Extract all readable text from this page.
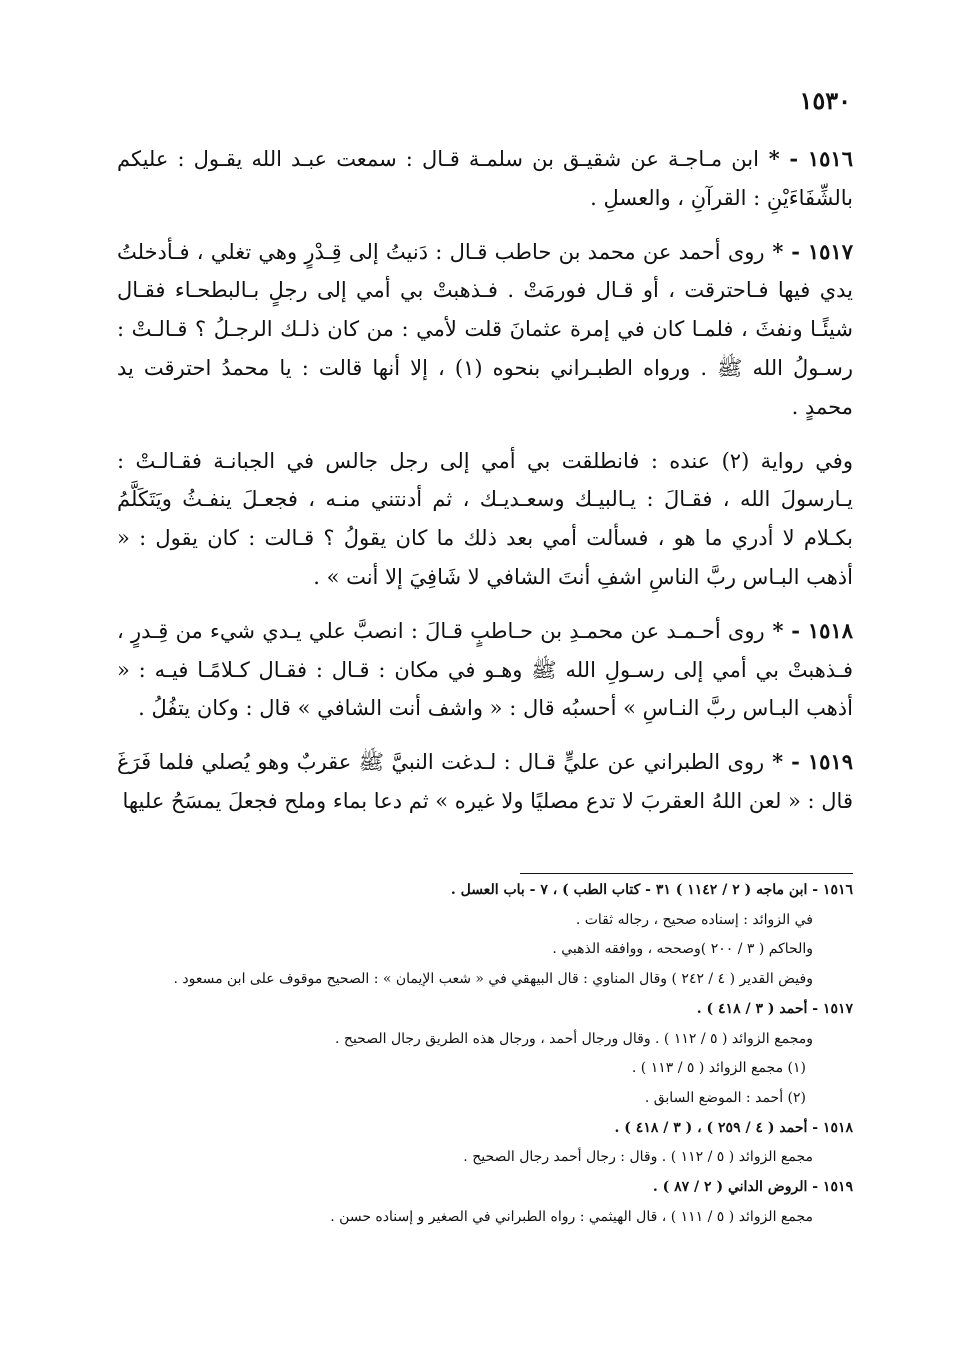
١٥٣٠

١٥١٦ - * ابن مـاجـة عن شقيـق بن سلمـة قـال : سمعت عبـد الله يقـول : عليكم بالشِّفَاءَيْنِ : القرآنِ ، والعسلِ .

١٥١٧ - * روى أحمد عن محمد بن حاطب قـال : دَنيتُ إلى قِـدْرٍ وهي تغلي ، فـأدخلتُ يدي فيها فـاحترقت ، أو قـال فورمَتْ . فـذهبتْ بي أمي إلى رجلٍ بـالبطحـاء فقـال شيئًـا ونفثَ ، فلمـا كان في إمرة عثمانَ قلت لأمي : من كان ذلـك الرجـلُ ؟ قـالـتْ : رسـولُ الله ﷺ . ورواه الطبـراني بنحوه (١) ، إلا أنها قالت : يا محمدُ احترقت يد محمدٍ .

وفي رواية (٢) عنده : فانطلقت بي أمي إلى رجل جالس في الجبانـة فقـالـتْ : يـارسولَ الله ، فقـالَ : يـالبيـك وسعـديـك ، ثم أدنتني منـه ، فجعـلَ ينفـثُ ويَتَكَلَّمُ بكـلام لا أدري ما هو ، فسألت أمي بعد ذلك ما كان يقولُ ؟ قـالت : كان يقول : « أذهب البـاس ربَّ الناسِ اشفِ أنتَ الشافي لا شَافِيَ إلا أنت » .

١٥١٨ - * روى أحـمـد عن محمـدِ بن حـاطبٍ قـالَ : انصبَّ علي يـدي شيء من قِـدرٍ ، فـذهبتْ بي أمي إلى رسـولِ الله ﷺ وهـو في مكان : قـال : فقـال كـلامًـا فيـه : « أذهب البـاس ربَّ النـاسِ » أحسبُه قال : « واشف أنت الشافي » قال : وكان يتفُلُ .

١٥١٩ - * روى الطبراني عن عليٍّ قـال : لـدغت النبيَّ ﷺ عقربٌ وهو يُصلي فلما فَرَغَ قال : « لعن اللهُ العقربَ لا تدع مصليًا ولا غيره » ثم دعا بماء وملح فجعلَ يمسَحُ عليها

١٥١٦ - ابن ماجه ( ٢ / ١١٤٢ ) ٣١ - كتاب الطب ) ، ٧ - باب العسل .
في الزوائد : إسناده صحيح ، رجاله ثقات .
والحاكم ( ٣ / ٢٠٠ )وصححه ، ووافقه الذهبي .
وفيض القدير ( ٤ / ٢٤٢ ) وقال المناوي : قال البيهقي في « شعب الإيمان » : الصحيح موقوف على ابن مسعود .
١٥١٧ - أحمد ( ٣ / ٤١٨ ) .
ومجمع الزوائد ( ٥ / ١١٢ ) . وقال ورجال أحمد ، ورجال هذه الطريق رجال الصحيح .
(١) مجمع الزوائد ( ٥ / ١١٣ ) .
(٢) أحمد : الموضع السابق .
١٥١٨ - أحمد ( ٤ / ٢٥٩ ) ، ( ٣ / ٤١٨ ) .
مجمع الزوائد ( ٥ / ١١٢ ) . وقال : رجال أحمد رجال الصحيح .
١٥١٩ - الروض الداني ( ٢ / ٨٧ ) .
مجمع الزوائد ( ٥ / ١١١ ) ، قال الهيثمي : رواه الطبراني في الصغير و إسناده حسن .
